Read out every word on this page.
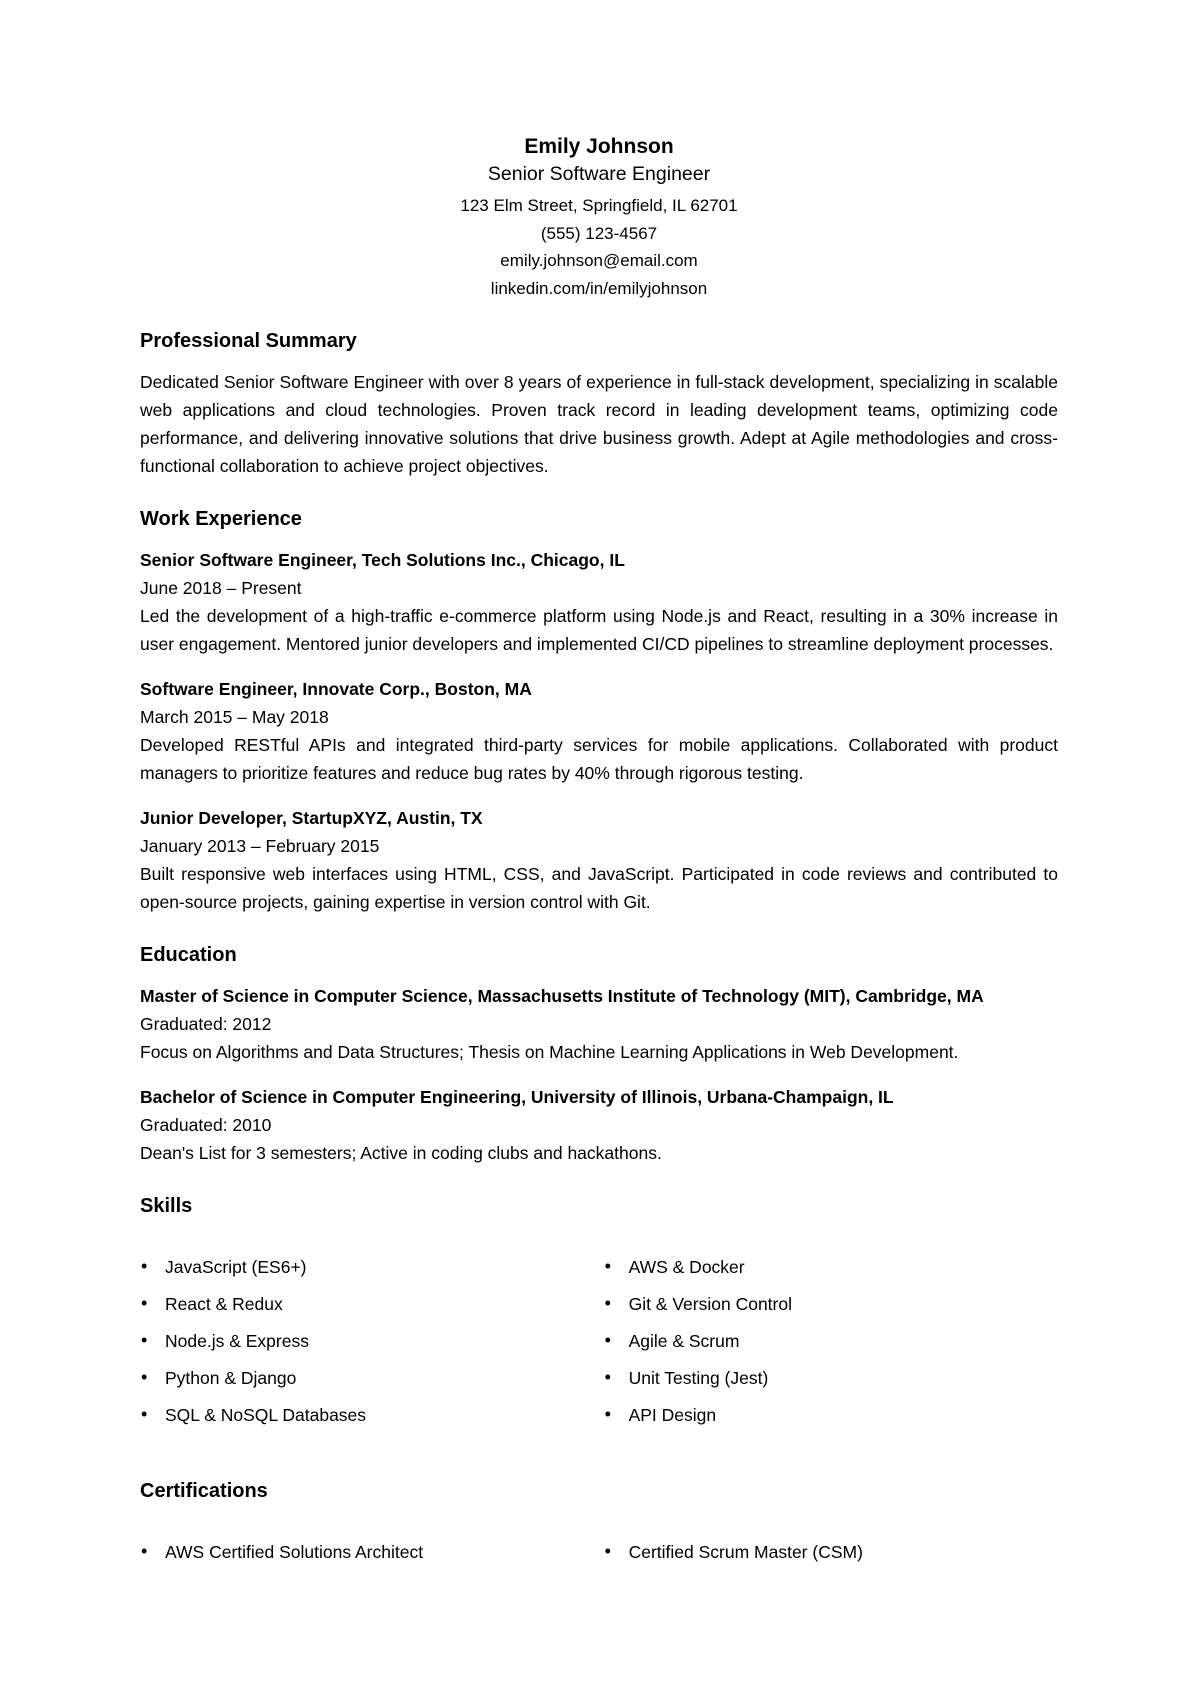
Emily Johnson
Senior Software Engineer
123 Elm Street, Springfield, IL 62701
(555) 123-4567
emily.johnson@email.com
linkedin.com/in/emilyjohnson
Professional Summary

Dedicated Senior Software Engineer with over 8 years of experience in full-stack development, specializing in scalable web applications and cloud technologies. Proven track record in leading development teams, optimizing code performance, and delivering innovative solutions that drive business growth. Adept at Agile methodologies and cross-functional collaboration to achieve project objectives.

Work Experience

Senior Software Engineer, Tech Solutions Inc., Chicago, IL

June 2018 – Present

Led the development of a high-traffic e-commerce platform using Node.js and React, resulting in a 30% increase in user engagement. Mentored junior developers and implemented CI/CD pipelines to streamline deployment processes.

Software Engineer, Innovate Corp., Boston, MA

March 2015 – May 2018

Developed RESTful APIs and integrated third-party services for mobile applications. Collaborated with product managers to prioritize features and reduce bug rates by 40% through rigorous testing.

Junior Developer, StartupXYZ, Austin, TX

January 2013 – February 2015

Built responsive web interfaces using HTML, CSS, and JavaScript. Participated in code reviews and contributed to open-source projects, gaining expertise in version control with Git.

Education

Master of Science in Computer Science, Massachusetts Institute of Technology (MIT), Cambridge, MA

Graduated: 2012

Focus on Algorithms and Data Structures; Thesis on Machine Learning Applications in Web Development.

Bachelor of Science in Computer Engineering, University of Illinois, Urbana-Champaign, IL

Graduated: 2010

Dean's List for 3 semesters; Active in coding clubs and hackathons.

Skills
• JavaScript (ES6+)
• React & Redux
• Node.js & Express
• Python & Django
• SQL & NoSQL Databases
• AWS & Docker
• Git & Version Control
• Agile & Scrum
• Unit Testing (Jest)
• API Design
Certifications
• AWS Certified Solutions Architect	• Certified Scrum Master (CSM)
